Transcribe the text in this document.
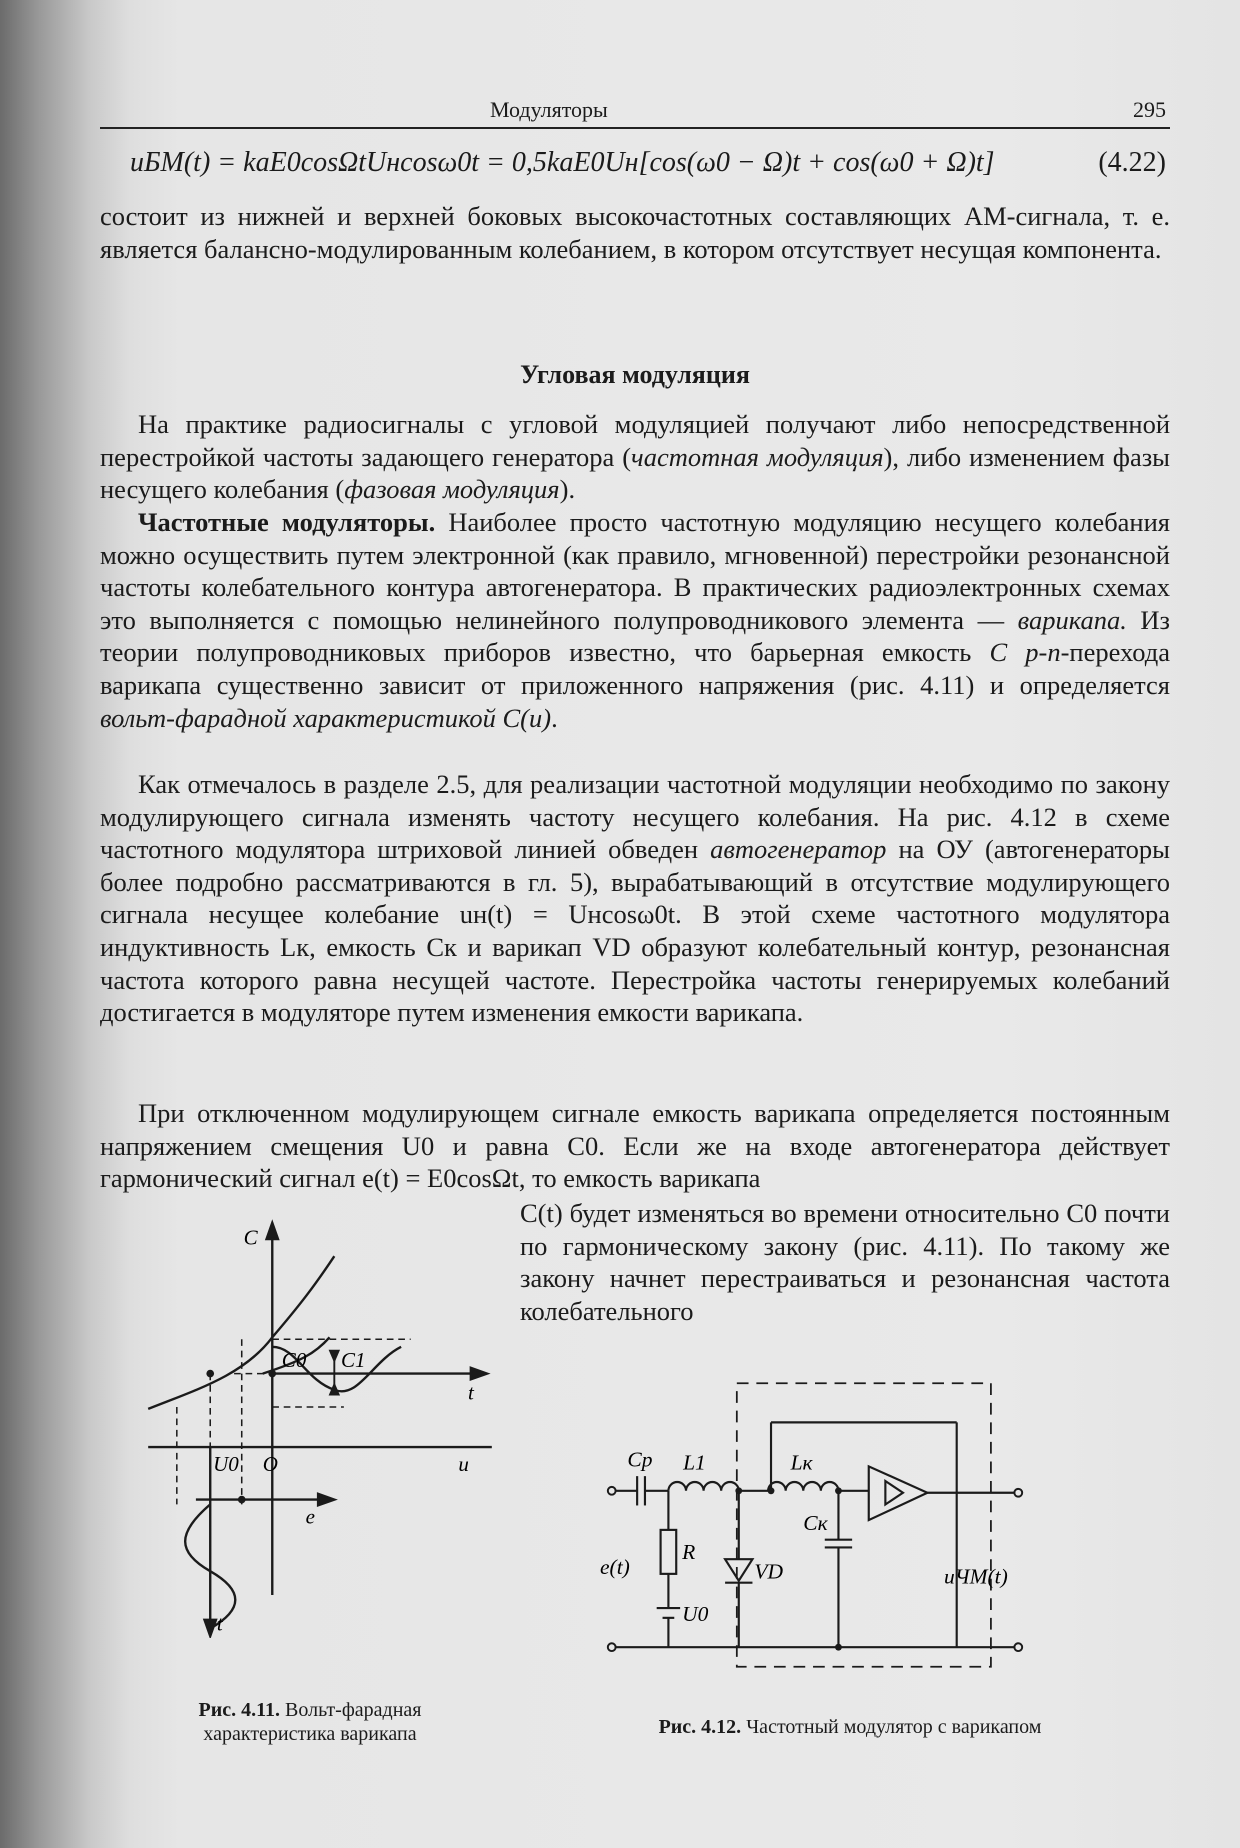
Модуляторы	295
uБМ(t) = kaE0cosΩtUнcosω0t = 0,5kaE0Uн[cos(ω0 − Ω)t + cos(ω0 + Ω)t]	(4.22)

состоит из нижней и верхней боковых высокочастотных составляющих АМ-сигнала, т. е. является балансно-модулированным колебанием, в котором отсутствует несущая компонента.

Угловая модуляция

На практике радиосигналы с угловой модуляцией получают либо непосредственной перестройкой частоты задающего генератора (частотная модуляция), либо изменением фазы несущего колебания (фазовая модуляция).

Частотные модуляторы. Наиболее просто частотную модуляцию несущего колебания можно осуществить путем электронной (как правило, мгновенной) перестройки резонансной частоты колебательного контура автогенератора. В практических радиоэлектронных схемах это выполняется с помощью нелинейного полупроводникового элемента — варикапа. Из теории полупроводниковых приборов известно, что барьерная емкость C p-n-перехода варикапа существенно зависит от приложенного напряжения (рис. 4.11) и определяется вольт-фарадной характеристикой C(u).

Как отмечалось в разделе 2.5, для реализации частотной модуляции необходимо по закону модулирующего сигнала изменять частоту несущего колебания. На рис. 4.12 в схеме частотного модулятора штриховой линией обведен автогенератор на ОУ (автогенераторы более подробно рассматриваются в гл. 5), вырабатывающий в отсутствие модулирующего сигнала несущее колебание uн(t) = Uнcosω0t. В этой схеме частотного модулятора индуктивность Lк, емкость Cк и варикап VD образуют колебательный контур, резонансная частота которого равна несущей частоте. Перестройка частоты генерируемых колебаний достигается в модуляторе путем изменения емкости варикапа.

При отключенном модулирующем сигнале емкость варикапа определяется постоянным напряжением смещения U0 и равна C0. Если же на входе автогенератора действует гармонический сигнал e(t) = E0cosΩt, то емкость варикапа

C(t) будет изменяться во времени относительно C0 почти по гармоническому закону (рис. 4.11). По такому же закону начнет перестраиваться и резонансная частота колебательного
C
C0 C1
t
U0 O	u
e
t
Рис. 4.11. Вольт-фарадная характеристика варикапа
Cр L1	Lк
Cк
R
e(t)	VD
U0
uЧМ(t)
Рис. 4.12. Частотный модулятор с варикапом
